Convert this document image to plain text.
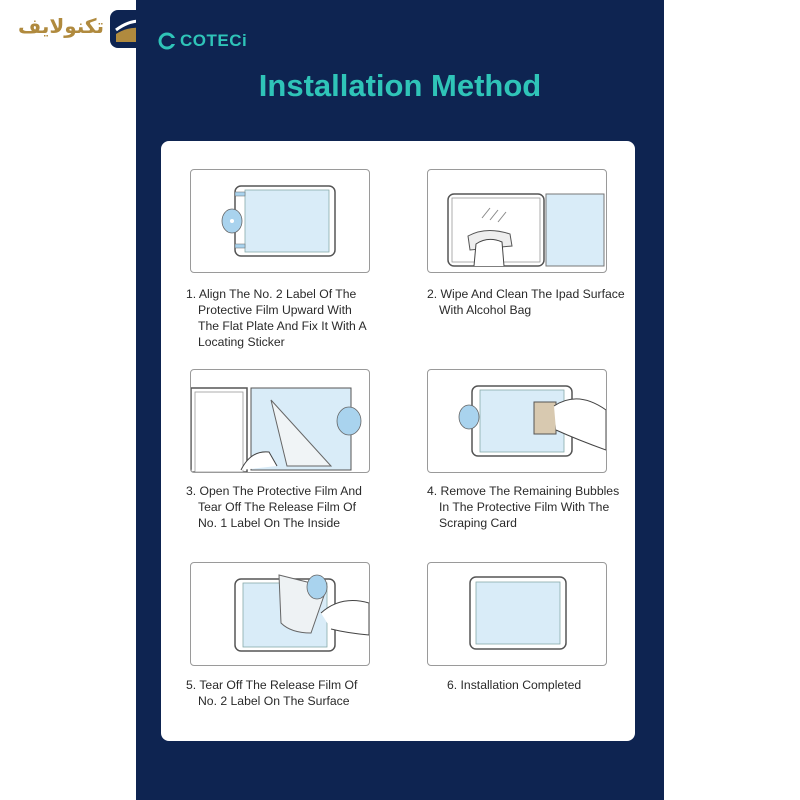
تکنولایف
COTECi
Installation Method
1. Align The No. 2 Label Of The
Protective Film Upward With
The Flat Plate And Fix It With A
Locating Sticker
2. Wipe And Clean The Ipad Surface
With Alcohol Bag
3. Open The Protective Film And
Tear Off The Release Film Of
No. 1 Label On The Inside
4. Remove The Remaining Bubbles
In The Protective Film With The
Scraping Card
5. Tear Off The Release Film Of
No. 2 Label On The Surface
6. Installation Completed
